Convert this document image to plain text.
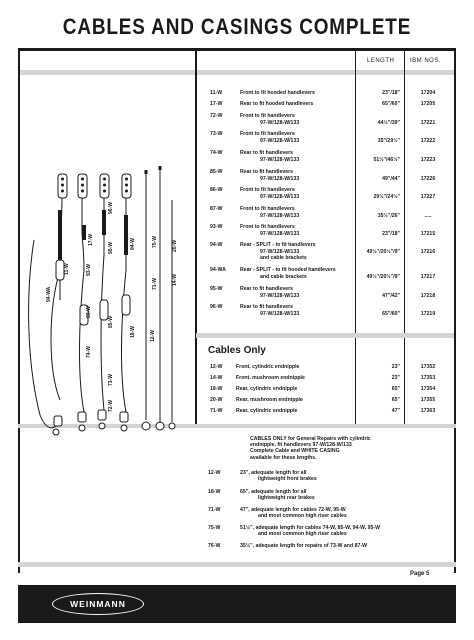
CABLES AND CASINGS COMPLETE
LENGTH	IBM NOS.
11-W	Front to fit hooded handlevers	23"/18"	17204
17-W	Rear to fit hooded handlevers	65"/60"	17205
72-W	Front to fit handlevers
97-W/128-W/133	44½"/39"	17221
73-W	Front to fit handlevers
97-W/128-W/133	35"/29½"	17222
74-W	Rear to fit handlevers
97-W/128-W/133	51½"/46½"	17223
85-W	Rear to fit handlevers
97-W/128-W/133	49"/44"	17226
86-W	Front to fit handlevers
97-W/128-W/133	29½"/24½"	17227
87-W	Front to fit handlevers
97-W/128-W/133	35½"/26"	.....
93-W	Front to fit handlevers
97-W/128-W/133	23"/18"	17215
94-W	Rear - SPLIT - to fit handlevers
97-W/128-W/133
and cable brackets
49½"/20½"/9"	17216
94-WA	Rear - SPLIT - to fit hooded handlevers
and cable brackets	49½"/20½"/9"	17217
95-W	Rear to fit handlevers
97-W/128-W/133	47"/42"	17218
96-W	Rear to fit handlevers
97-W/128-W/133	65"/60"	17219
Cables Only
12-W	Front, cylindric endnipple	23"	17352
14-W	Front, mushroom endnipple	23"	17353
18-W	Rear, cylindric endnipple	65"	17354
20-W	Rear, mushroom endnipple	65"	17355
71-W	Rear, cylindric endnipple	47"	17363
CABLES ONLY for General Repairs with cylindric
endnipple, fit handlevers 97-W/128-W/133
Complete Cable and WHITE CASING
available for these lengths.
12-W	23", adequate length for all
lightweight front brakes
18-W	65", adequate length for all
lightweight rear brakes
71-W	47", adequate length for cables 72-W, 95-W
and most common high riser cables
75-W	51½", adequate length for cables 74-W, 85-W, 94-W, 95-W
and most common high riser cables
76-W	35½", adequate length for repairs of 73-W and 87-W
94-WA
11-W
17-W
93-W
86-W
95-W
96-W
85-W
74-W
73-W
72-W
94-W
18-W
71-W
12-W
75-W
14-W
20-W
Page 5
WEINMANN
